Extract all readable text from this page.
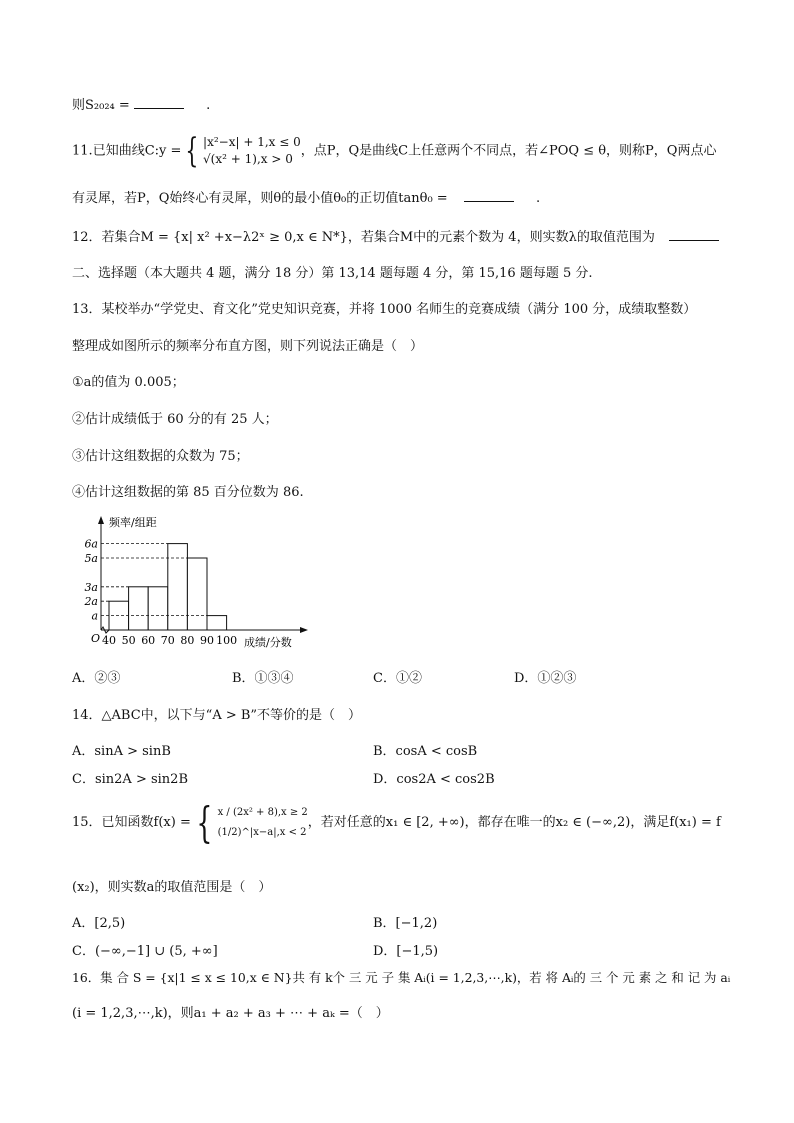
则S₂₀₂₄ =	.
11.已知曲线C:y = { |x²−x| + 1,x ≤ 0
√(x² + 1),x > 0，点P，Q是曲线C上任意两个不同点，若∠POQ ≤ θ，则称P，Q两点心
有灵犀，若P，Q始终心有灵犀，则θ的最小值θ₀的正切值tanθ₀ =	.
12．若集合M = {x| x² +x−λ2ˣ ≥ 0,x ∈ N*}，若集合M中的元素个数为 4，则实数λ的取值范围为
二、选择题（本大题共 4 题，满分 18 分）第 13,14 题每题 4 分，第 15,16 题每题 5 分.
13．某校举办“学党史、育文化”党史知识竞赛，并将 1000 名师生的竞赛成绩（满分 100 分，成绩取整数）
整理成如图所示的频率分布直方图，则下列说法正确是（　）
①a的值为 0.005；
②估计成绩低于 60 分的有 25 人；
③估计这组数据的众数为 75；
④估计这组数据的第 85 百分位数为 86.
a
2a
3a
5a
6a
40 50 60 70 80 90 100
O
频率/组距
成绩/分数
A．②③	B．①③④	C．①②	D．①②③
14．△ABC中，以下与“A > B”不等价的是（　）
A．sinA > sinB	B．cosA < cosB
C．sin2A > sin2B	D．cos2A < cos2B
15．已知函数f(x) = { x / (2x² + 8),x ≥ 2
(1/2)^|x−a|,x < 2，若对任意的x₁ ∈ [2, +∞)，都存在唯一的x₂ ∈ (−∞,2)，满足f(x₁) = f
(x₂)，则实数a的取值范围是（　）
A．[2,5)	B．[−1,2)
C．(−∞,−1] ∪ (5, +∞]	D．[−1,5)
16．集 合 S = {x|1 ≤ x ≤ 10,x ∈ N}共 有 k个 三 元 子 集 Aᵢ(i = 1,2,3,⋯,k)，若 将 Aᵢ的 三 个 元 素 之 和 记 为 aᵢ
(i = 1,2,3,⋯,k)，则a₁ + a₂ + a₃ + ⋯ + aₖ =（　）
